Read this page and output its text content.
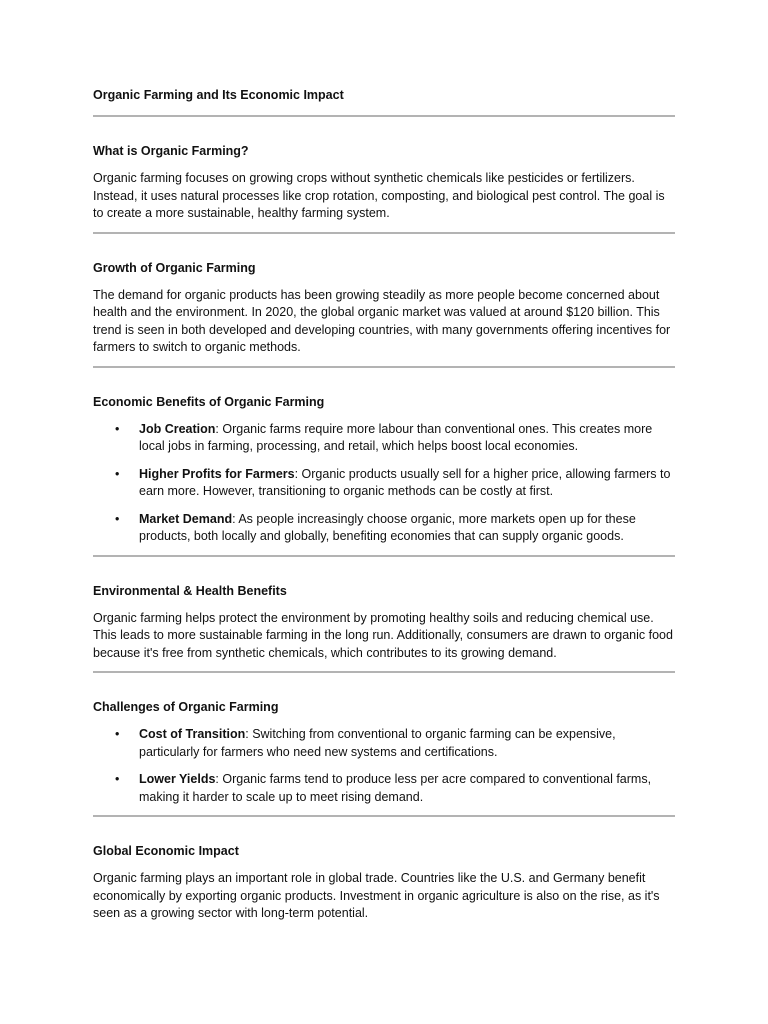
Organic Farming and Its Economic Impact
What is Organic Farming?

Organic farming focuses on growing crops without synthetic chemicals like pesticides or fertilizers. Instead, it uses natural processes like crop rotation, composting, and biological pest control. The goal is to create a more sustainable, healthy farming system.

Growth of Organic Farming

The demand for organic products has been growing steadily as more people become concerned about health and the environment. In 2020, the global organic market was valued at around $120 billion. This trend is seen in both developed and developing countries, with many governments offering incentives for farmers to switch to organic methods.

Economic Benefits of Organic Farming
• Job Creation: Organic farms require more labour than conventional ones. This creates more local jobs in farming, processing, and retail, which helps boost local economies.
• Higher Profits for Farmers: Organic products usually sell for a higher price, allowing farmers to earn more. However, transitioning to organic methods can be costly at first.
• Market Demand: As people increasingly choose organic, more markets open up for these products, both locally and globally, benefiting economies that can supply organic goods.
Environmental & Health Benefits

Organic farming helps protect the environment by promoting healthy soils and reducing chemical use. This leads to more sustainable farming in the long run. Additionally, consumers are drawn to organic food because it's free from synthetic chemicals, which contributes to its growing demand.

Challenges of Organic Farming
• Cost of Transition: Switching from conventional to organic farming can be expensive, particularly for farmers who need new systems and certifications.
• Lower Yields: Organic farms tend to produce less per acre compared to conventional farms, making it harder to scale up to meet rising demand.
Global Economic Impact

Organic farming plays an important role in global trade. Countries like the U.S. and Germany benefit economically by exporting organic products. Investment in organic agriculture is also on the rise, as it's seen as a growing sector with long-term potential.
